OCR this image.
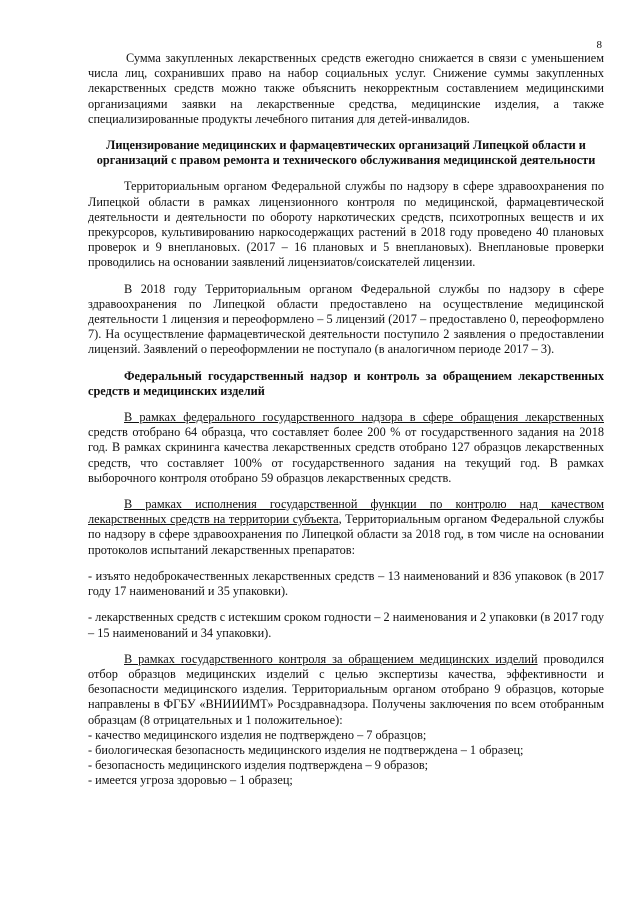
8

Сумма закупленных лекарственных средств ежегодно снижается в связи с уменьшением числа лиц, сохранивших право на набор социальных услуг. Снижение суммы закупленных лекарственных средств можно также объяснить некорректным составлением медицинскими организациями заявки на лекарственные средства, медицинские изделия, а также специализированные продукты лечебного питания для детей-инвалидов.

Лицензирование медицинских и фармацевтических организаций Липецкой области и организаций с правом ремонта и технического обслуживания медицинской деятельности

Территориальным органом Федеральной службы по надзору в сфере здравоохранения по Липецкой области в рамках лицензионного контроля по медицинской, фармацевтической деятельности и деятельности по обороту наркотических средств, психотропных веществ и их прекурсоров, культивированию наркосодержащих растений в 2018 году проведено 40 плановых проверок и 9 внеплановых. (2017 – 16 плановых и 5 внеплановых). Внеплановые проверки проводились на основании заявлений лицензиатов/соискателей лицензии.

В 2018 году Территориальным органом Федеральной службы по надзору в сфере здравоохранения по Липецкой области предоставлено на осуществление медицинской деятельности 1 лицензия и переоформлено – 5 лицензий (2017 – предоставлено 0, переоформлено 7). На осуществление фармацевтической деятельности поступило 2 заявления о предоставлении лицензий. Заявлений о переоформлении не поступало (в аналогичном периоде 2017 – 3).

Федеральный государственный надзор и контроль за обращением лекарственных средств и медицинских изделий

В рамках федерального государственного надзора в сфере обращения лекарственных средств отобрано 64 образца, что составляет более 200 % от государственного задания на 2018 год. В рамках скрининга качества лекарственных средств отобрано 127 образцов лекарственных средств, что составляет 100% от государственного задания на текущий год. В рамках выборочного контроля отобрано 59 образцов лекарственных средств.

В рамках исполнения государственной функции по контролю над качеством лекарственных средств на территории субъекта, Территориальным органом Федеральной службы по надзору в сфере здравоохранения по Липецкой области за 2018 год, в том числе на основании протоколов испытаний лекарственных препаратов:

- изъято недоброкачественных лекарственных средств – 13 наименований и 836 упаковок (в 2017 году 17 наименований и 35 упаковки).

- лекарственных средств с истекшим сроком годности – 2 наименования и 2 упаковки (в 2017 году – 15 наименований и 34 упаковки).

В рамках государственного контроля за обращением медицинских изделий проводился отбор образцов медицинских изделий с целью экспертизы качества, эффективности и безопасности медицинского изделия. Территориальным органом отобрано 9 образцов, которые направлены в ФГБУ «ВНИИИМТ» Росздравнадзора. Получены заключения по всем отобранным образцам (8 отрицательных и 1 положительное):

- качество медицинского изделия не подтверждено – 7 образцов;

- биологическая безопасность медицинского изделия не подтверждена – 1 образец;

- безопасность медицинского изделия подтверждена – 9 образов;

- имеется угроза здоровью – 1 образец;
